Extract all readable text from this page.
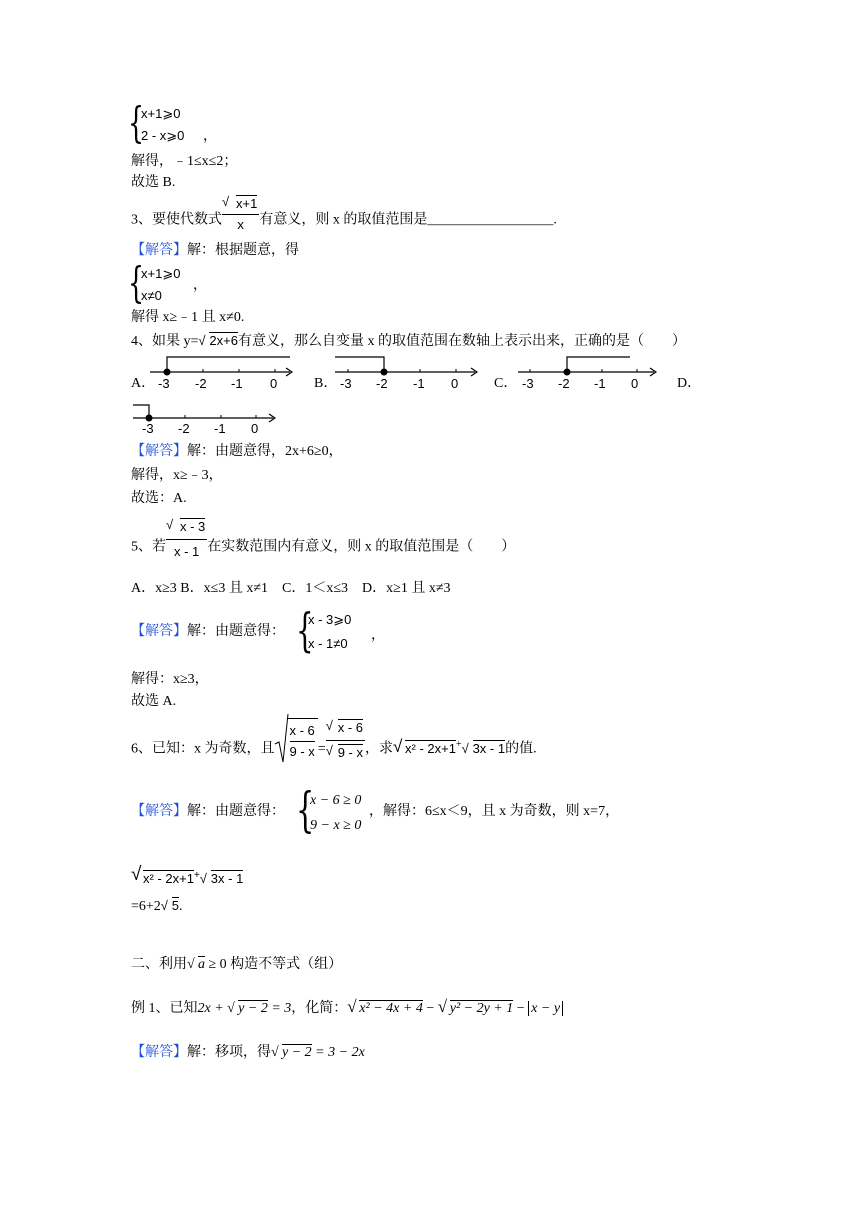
{
x+1⩾0
2 - x⩾0 ，
解得，﹣1≤x≤2；
故选 B.
3、要使代数式 $\frac{√ x+1}{x}$ 有意义，则 x 的取值范围是__________________.
【解答】解：根据题意，得
{
x+1⩾0
x≠0
，
解得 x≥﹣1 且 x≠0.
4、如果 y= √ 2x+6有意义，那么自变量 x 的取值范围在数轴上表示出来，正确的是（　　）
A． -3 -2 -1 0	B． -3 -2 -1 0	C． -3 -2 -1 0	D．
-3 -2 -1 0
【解答】解：由题意得，2x+6≥0，
解得，x≥﹣3，
故选：A.
5、若 $\frac{√ x - 3}{x - 1}$ 在实数范围内有意义，则 x 的取值范围是（　　）
A．x≥3 B．x≤3 且 x≠1　C．1＜x≤3　D．x≥1 且 x≠3
【解答】解：由题意得： {
x - 3⩾0
x - 1≠0
，
解得：x≥3，
故选 A.
6、已知：x 为奇数，且 $\frac{x - 6}{9 - x} = \frac{√ x - 6}{√ 9 - x}$ ，求 √ x² - 2x+1+ √ 3x - 1的值.
【解答】解：由题意得： {
x − 6 ≥ 0
9 − x ≥ 0
，解得：6≤x＜9，且 x 为奇数，则 x=7，
√ x² - 2x+1+ √ 3x - 1
=6+2 √ 5.
二、利用 √ a ≥ 0 构造不等式（组）
例 1、已知2x + √ y − 2 = 3，化简： √ x² − 4x + 4 − √ y² − 2y + 1 − x − y
【解答】解：移项，得 √ y − 2 = 3 − 2x
